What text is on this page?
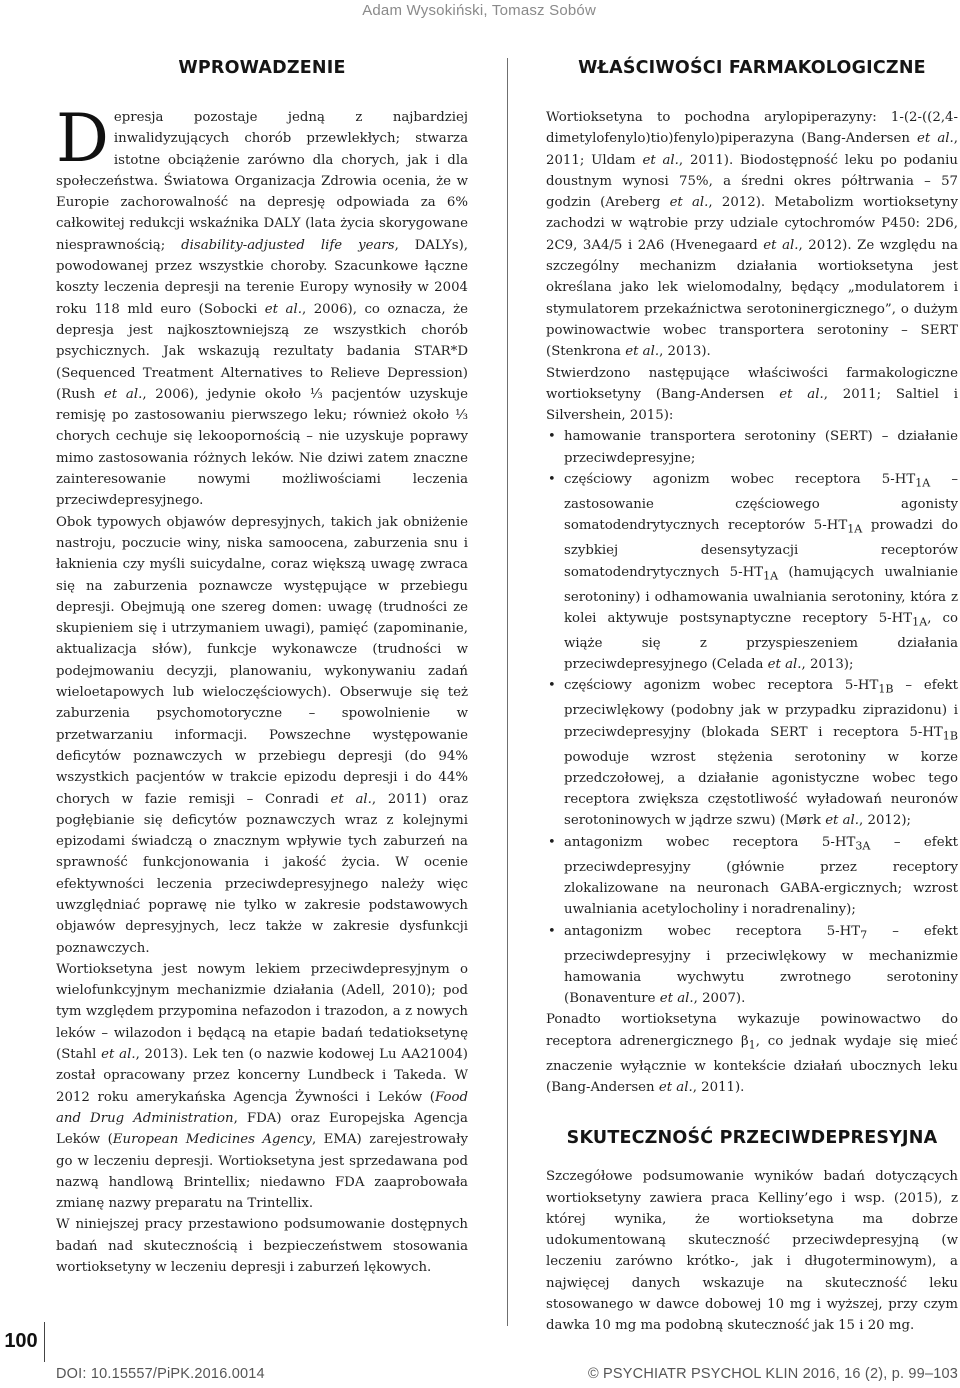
Adam Wysokiński, Tomasz Sobów
WPROWADZENIE

Depresja pozostaje jedną z najbardziej inwalidyzujących chorób przewlekłych; stwarza istotne obciążenie zarówno dla chorych, jak i dla społeczeństwa. Światowa Organizacja Zdrowia ocenia, że w Europie zachorowalność na depresję odpowiada za 6% całkowitej redukcji wskaźnika DALY (lata życia skorygowane niesprawnością; disability-adjusted life years, DALYs), powodowanej przez wszystkie choroby. Szacunkowe łączne koszty leczenia depresji na terenie Europy wynosiły w 2004 roku 118 mld euro (Sobocki et al., 2006), co oznacza, że depresja jest najkosztowniejszą ze wszystkich chorób psychicznych. Jak wskazują rezultaty badania STAR*D (Sequenced Treatment Alternatives to Relieve Depression) (Rush et al., 2006), jedynie około ⅓ pacjentów uzyskuje remisję po zastosowaniu pierwszego leku; również około ⅓ chorych cechuje się lekoopornością – nie uzyskuje poprawy mimo zastosowania różnych leków. Nie dziwi zatem znaczne zainteresowanie nowymi możliwościami leczenia przeciwdepresyjnego.

Obok typowych objawów depresyjnych, takich jak obniżenie nastroju, poczucie winy, niska samoocena, zaburzenia snu i łaknienia czy myśli suicydalne, coraz większą uwagę zwraca się na zaburzenia poznawcze występujące w przebiegu depresji. Obejmują one szereg domen: uwagę (trudności ze skupieniem się i utrzymaniem uwagi), pamięć (zapominanie, aktualizacja słów), funkcje wykonawcze (trudności w podejmowaniu decyzji, planowaniu, wykonywaniu zadań wieloetapowych lub wieloczęściowych). Obserwuje się też zaburzenia psychomotoryczne – spowolnienie w przetwarzaniu informacji. Powszechne występowanie deficytów poznawczych w przebiegu depresji (do 94% wszystkich pacjentów w trakcie epizodu depresji i do 44% chorych w fazie remisji – Conradi et al., 2011) oraz pogłębianie się deficytów poznawczych wraz z kolejnymi epizodami świadczą o znacznym wpływie tych zaburzeń na sprawność funkcjonowania i jakość życia. W ocenie efektywności leczenia przeciwdepresyjnego należy więc uwzględniać poprawę nie tylko w zakresie podstawowych objawów depresyjnych, lecz także w zakresie dysfunkcji poznawczych.

Wortioksetyna jest nowym lekiem przeciwdepresyjnym o wielofunkcyjnym mechanizmie działania (Adell, 2010); pod tym względem przypomina nefazodon i trazodon, a z nowych leków – wilazodon i będącą na etapie badań tedatioksetynę (Stahl et al., 2013). Lek ten (o nazwie kodowej Lu AA21004) został opracowany przez koncerny Lundbeck i Takeda. W 2012 roku amerykańska Agencja Żywności i Leków (Food and Drug Administration, FDA) oraz Europejska Agencja Leków (European Medicines Agency, EMA) zarejestrowały go w leczeniu depresji. Wortioksetyna jest sprzedawana pod nazwą handlową Brintellix; niedawno FDA zaaprobowała zmianę nazwy preparatu na Trintellix.

W niniejszej pracy przestawiono podsumowanie dostępnych badań nad skutecznością i bezpieczeństwem stosowania wortioksetyny w leczeniu depresji i zaburzeń lękowych.

WŁAŚCIWOŚCI FARMAKOLOGICZNE

Wortioksetyna to pochodna arylopiperazyny: 1-(2-((2,4-dimetylofenylo)tio)fenylo)piperazyna (Bang-Andersen et al., 2011; Uldam et al., 2011). Biodostępność leku po podaniu doustnym wynosi 75%, a średni okres półtrwania – 57 godzin (Areberg et al., 2012). Metabolizm wortioksetyny zachodzi w wątrobie przy udziale cytochromów P450: 2D6, 2C9, 3A4/5 i 2A6 (Hvenegaard et al., 2012). Ze względu na szczególny mechanizm działania wortioksetyna jest określana jako lek wielomodalny, będący „modulatorem i stymulatorem przekaźnictwa serotoninergicznego”, o dużym powinowactwie wobec transportera serotoniny – SERT (Stenkrona et al., 2013).

Stwierdzono następujące właściwości farmakologiczne wortioksetyny (Bang-Andersen et al., 2011; Saltiel i Silvershein, 2015):

• hamowanie transportera serotoniny (SERT) – działanie przeciwdepresyjne;
• częściowy agonizm wobec receptora $5-HT_{1A}$ – zastosowanie częściowego agonisty somatodendrytycznych receptorów $5-HT_{1A}$ prowadzi do szybkiej desensytyzacji receptorów somatodendrytycznych $5-HT_{1A}$ (hamujących uwalnianie serotoniny) i odhamowania uwalniania serotoniny, która z kolei aktywuje postsynaptyczne receptory $5-HT_{1A}$, co wiąże się z przyspieszeniem działania przeciwdepresyjnego (Celada et al., 2013);
• częściowy agonizm wobec receptora $5-HT_{1B}$ – efekt przeciwlękowy (podobny jak w przypadku ziprazidonu) i przeciwdepresyjny (blokada SERT i receptora $5-HT_{1B}$ powoduje wzrost stężenia serotoniny w korze przedczołowej, a działanie agonistyczne wobec tego receptora zwiększa częstotliwość wyładowań neuronów serotoninowych w jądrze szwu) (Mørk et al., 2012);
• antagonizm wobec receptora $5-HT_{3A}$ – efekt przeciwdepresyjny (głównie przez receptory zlokalizowane na neuronach GABA-ergicznych; wzrost uwalniania acetylocholiny i noradrenaliny);
• antagonizm wobec receptora $5-HT_7$ – efekt przeciwdepresyjny i przeciwlękowy w mechanizmie hamowania wychwytu zwrotnego serotoniny (Bonaventure et al., 2007).

Ponadto wortioksetyna wykazuje powinowactwo do receptora adrenergicznego $\beta_1$, co jednak wydaje się mieć znaczenie wyłącznie w kontekście działań ubocznych leku (Bang-Andersen et al., 2011).

SKUTECZNOŚĆ PRZECIWDEPRESYJNA

Szczegółowe podsumowanie wyników badań dotyczących wortioksetyny zawiera praca Kelliny’ego i wsp. (2015), z której wynika, że wortioksetyna ma dobrze udokumentowaną skuteczność przeciwdepresyjną (w leczeniu zarówno krótko-, jak i długoterminowym), a najwięcej danych wskazuje na skuteczność leku stosowanego w dawce dobowej 10 mg i wyższej, przy czym dawka 10 mg ma podobną skuteczność jak 15 i 20 mg.

100
DOI: 10.15557/PiPK.2016.0014	© PSYCHIATR PSYCHOL KLIN 2016, 16 (2), p. 99–103
